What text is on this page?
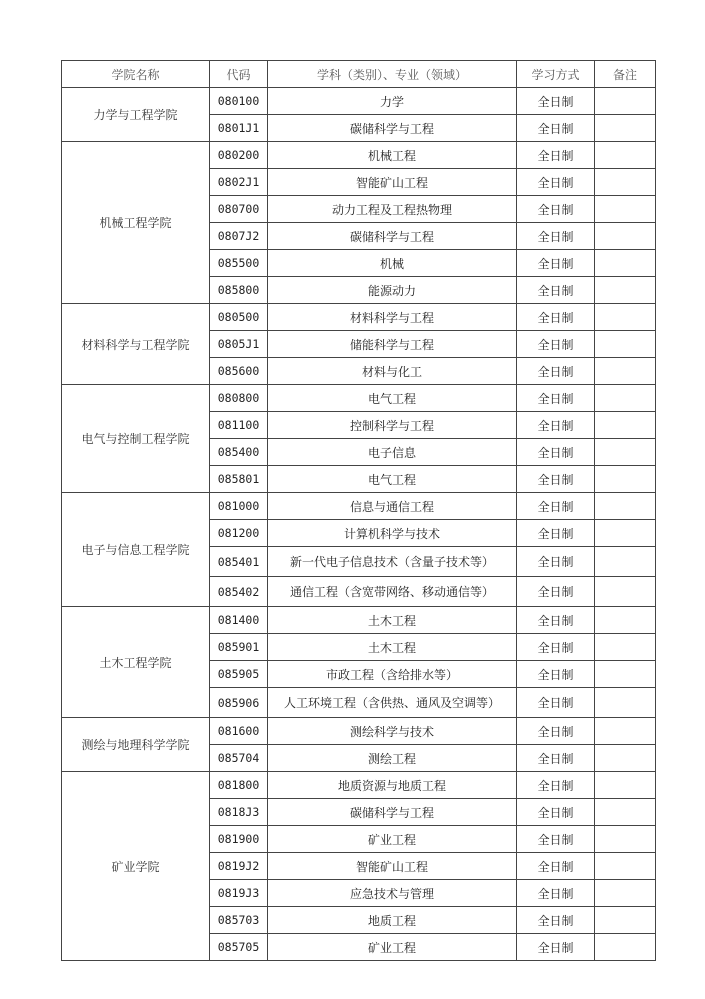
学院名称	代码	学科（类别）、专业（领域）	学习方式	备注
力学与工程学院	080100	力学	全日制	
	0801J1	碳储科学与工程	全日制	
机械工程学院	080200	机械工程	全日制	
	0802J1	智能矿山工程	全日制	
	080700	动力工程及工程热物理	全日制	
	0807J2	碳储科学与工程	全日制	
	085500	机械	全日制	
	085800	能源动力	全日制	
材料科学与工程学院	080500	材料科学与工程	全日制	
	0805J1	储能科学与工程	全日制	
	085600	材料与化工	全日制	
电气与控制工程学院	080800	电气工程	全日制	
	081100	控制科学与工程	全日制	
	085400	电子信息	全日制	
	085801	电气工程	全日制	
电子与信息工程学院	081000	信息与通信工程	全日制	
	081200	计算机科学与技术	全日制	
	085401	新一代电子信息技术（含量子技术等）	全日制	
	085402	通信工程（含宽带网络、移动通信等）	全日制	
土木工程学院	081400	土木工程	全日制	
	085901	土木工程	全日制	
	085905	市政工程（含给排水等）	全日制	
	085906	人工环境工程（含供热、通风及空调等）	全日制	
测绘与地理科学学院	081600	测绘科学与技术	全日制	
	085704	测绘工程	全日制	
矿业学院	081800	地质资源与地质工程	全日制	
	0818J3	碳储科学与工程	全日制	
	081900	矿业工程	全日制	
	0819J2	智能矿山工程	全日制	
	0819J3	应急技术与管理	全日制	
	085703	地质工程	全日制	
	085705	矿业工程	全日制	
